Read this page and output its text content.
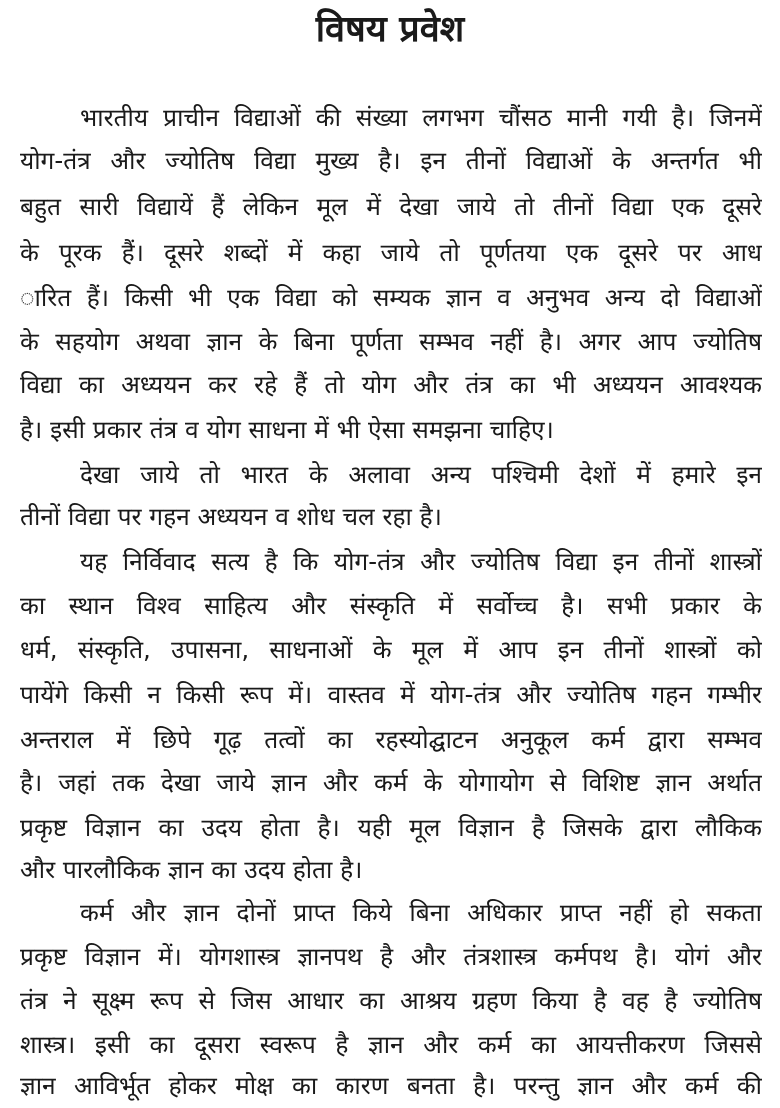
विषय प्रवेश
भारतीय प्राचीन विद्याओं की संख्या लगभग चौंसठ मानी गयी है। जिनमें
योग-तंत्र और ज्योतिष विद्या मुख्य है। इन तीनों विद्याओं के अन्तर्गत भी
बहुत सारी विद्यायें हैं लेकिन मूल में देखा जाये तो तीनों विद्या एक दूसरे
के पूरक हैं। दूसरे शब्दों में कहा जाये तो पूर्णतया एक दूसरे पर आध
ारित हैं। किसी भी एक विद्या को सम्यक ज्ञान व अनुभव अन्य दो विद्याओं
के सहयोग अथवा ज्ञान के बिना पूर्णता सम्भव नहीं है। अगर आप ज्योतिष
विद्या का अध्ययन कर रहे हैं तो योग और तंत्र का भी अध्ययन आवश्यक
है। इसी प्रकार तंत्र व योग साधना में भी ऐसा समझना चाहिए।
देखा जाये तो भारत के अलावा अन्य पश्चिमी देशों में हमारे इन
तीनों विद्या पर गहन अध्ययन व शोध चल रहा है।
यह निर्विवाद सत्य है कि योग-तंत्र और ज्योतिष विद्या इन तीनों शास्त्रों
का स्थान विश्व साहित्य और संस्कृति में सर्वोच्च है। सभी प्रकार के
धर्म, संस्कृति, उपासना, साधनाओं के मूल में आप इन तीनों शास्त्रों को
पायेंगे किसी न किसी रूप में। वास्तव में योग-तंत्र और ज्योतिष गहन गम्भीर
अन्तराल में छिपे गूढ़ तत्वों का रहस्योद्घाटन अनुकूल कर्म द्वारा सम्भव
है। जहां तक देखा जाये ज्ञान और कर्म के योगायोग से विशिष्ट ज्ञान अर्थात
प्रकृष्ट विज्ञान का उदय होता है। यही मूल विज्ञान है जिसके द्वारा लौकिक
और पारलौकिक ज्ञान का उदय होता है।
कर्म और ज्ञान दोनों प्राप्त किये बिना अधिकार प्राप्त नहीं हो सकता
प्रकृष्ट विज्ञान में। योगशास्त्र ज्ञानपथ है और तंत्रशास्त्र कर्मपथ है। योगं और
तंत्र ने सूक्ष्म रूप से जिस आधार का आश्रय ग्रहण किया है वह है ज्योतिष
शास्त्र। इसी का दूसरा स्वरूप है ज्ञान और कर्म का आयत्तीकरण जिससे
ज्ञान आविर्भूत होकर मोक्ष का कारण बनता है। परन्तु ज्ञान और कर्म की
